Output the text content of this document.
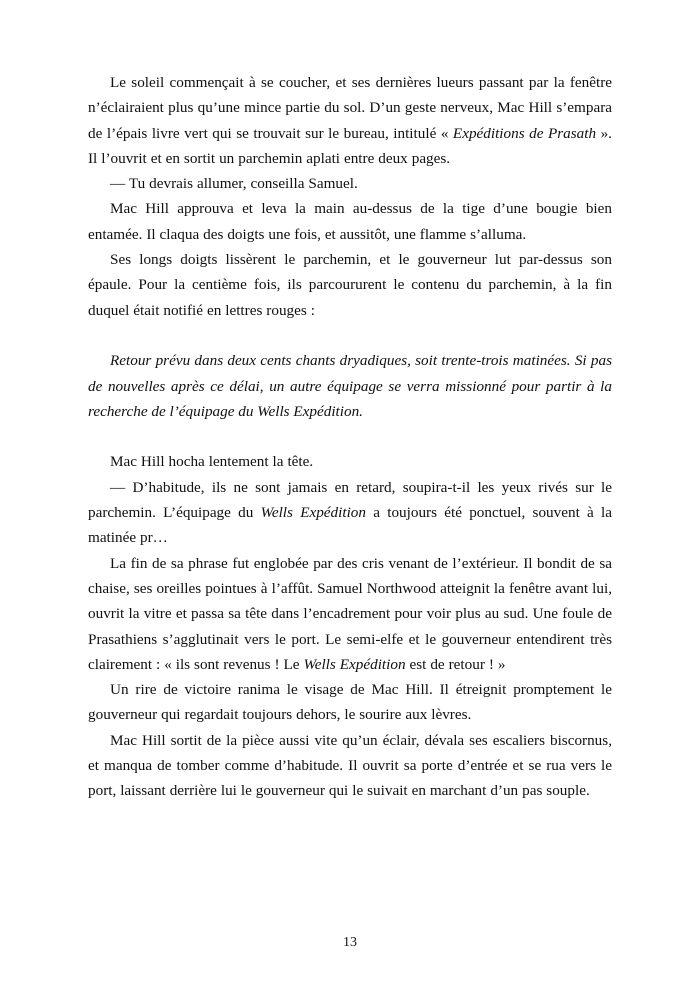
Le soleil commençait à se coucher, et ses dernières lueurs passant par la fenêtre n’éclairaient plus qu’une mince partie du sol. D’un geste nerveux, Mac Hill s’empara de l’épais livre vert qui se trouvait sur le bureau, intitulé « Expéditions de Prasath ». Il l’ouvrit et en sortit un parchemin aplati entre deux pages.

— Tu devrais allumer, conseilla Samuel.

Mac Hill approuva et leva la main au-dessus de la tige d’une bougie bien entamée. Il claqua des doigts une fois, et aussitôt, une flamme s’alluma.

Ses longs doigts lissèrent le parchemin, et le gouverneur lut par-dessus son épaule. Pour la centième fois, ils parcoururent le contenu du parchemin, à la fin duquel était notifié en lettres rouges :

Retour prévu dans deux cents chants dryadiques, soit trente-trois matinées. Si pas de nouvelles après ce délai, un autre équipage se verra missionné pour partir à la recherche de l’équipage du Wells Expédition.

Mac Hill hocha lentement la tête.

— D’habitude, ils ne sont jamais en retard, soupira-t-il les yeux rivés sur le parchemin. L’équipage du Wells Expédition a toujours été ponctuel, souvent à la matinée pr…

La fin de sa phrase fut englobée par des cris venant de l’extérieur. Il bondit de sa chaise, ses oreilles pointues à l’affût. Samuel Northwood atteignit la fenêtre avant lui, ouvrit la vitre et passa sa tête dans l’encadrement pour voir plus au sud. Une foule de Prasathiens s’agglutinait vers le port. Le semi-elfe et le gouverneur entendirent très clairement : « ils sont revenus ! Le Wells Expédition est de retour ! »

Un rire de victoire ranima le visage de Mac Hill. Il étreignit promptement le gouverneur qui regardait toujours dehors, le sourire aux lèvres.

Mac Hill sortit de la pièce aussi vite qu’un éclair, dévala ses escaliers biscornus, et manqua de tomber comme d’habitude. Il ouvrit sa porte d’entrée et se rua vers le port, laissant derrière lui le gouverneur qui le suivait en marchant d’un pas souple.

13
